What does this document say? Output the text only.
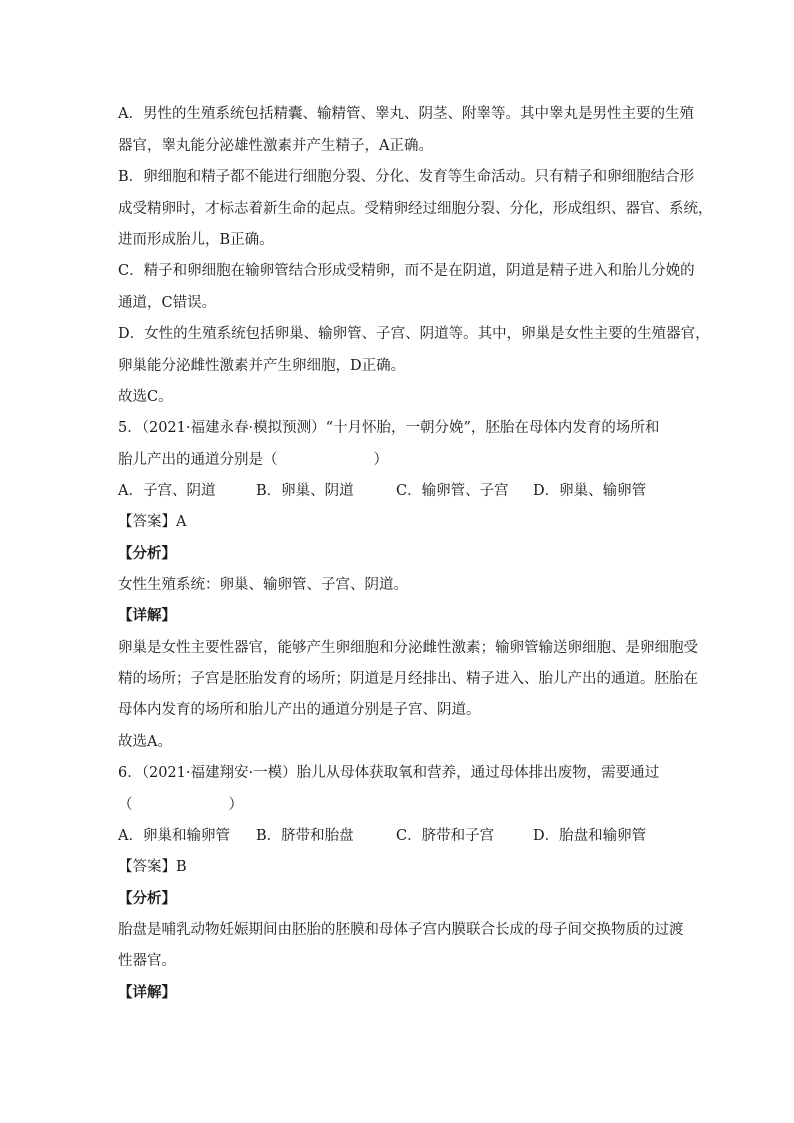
A．男性的生殖系统包括精囊、输精管、睾丸、阴茎、附睾等。其中睾丸是男性主要的生殖
器官，睾丸能分泌雄性激素并产生精子，A正确。
B．卵细胞和精子都不能进行细胞分裂、分化、发育等生命活动。只有精子和卵细胞结合形
成受精卵时，才标志着新生命的起点。受精卵经过细胞分裂、分化，形成组织、器官、系统，
进而形成胎儿，B正确。
C．精子和卵细胞在输卵管结合形成受精卵，而不是在阴道，阴道是精子进入和胎儿分娩的
通道，C错误。
D．女性的生殖系统包括卵巢、输卵管、子宫、阴道等。其中，卵巢是女性主要的生殖器官，
卵巢能分泌雌性激素并产生卵细胞，D正确。
故选C。
5．（2021·福建永春·模拟预测）“十月怀胎，一朝分娩”，胚胎在母体内发育的场所和
胎儿产出的通道分别是（	）
A．子宫、阴道	B．卵巢、阴道	C．输卵管、子宫	D．卵巢、输卵管
【答案】A
【分析】
女性生殖系统：卵巢、输卵管、子宫、阴道。
【详解】
卵巢是女性主要性器官，能够产生卵细胞和分泌雌性激素；输卵管输送卵细胞、是卵细胞受
精的场所；子宫是胚胎发育的场所；阴道是月经排出、精子进入、胎儿产出的通道。胚胎在
母体内发育的场所和胎儿产出的通道分别是子宫、阴道。
故选A。
6．（2021·福建翔安·一模）胎儿从母体获取氧和营养，通过母体排出废物，需要通过
（	）
A．卵巢和输卵管	B．脐带和胎盘	C．脐带和子宫	D．胎盘和输卵管
【答案】B
【分析】
胎盘是哺乳动物妊娠期间由胚胎的胚膜和母体子宫内膜联合长成的母子间交换物质的过渡
性器官。
【详解】
